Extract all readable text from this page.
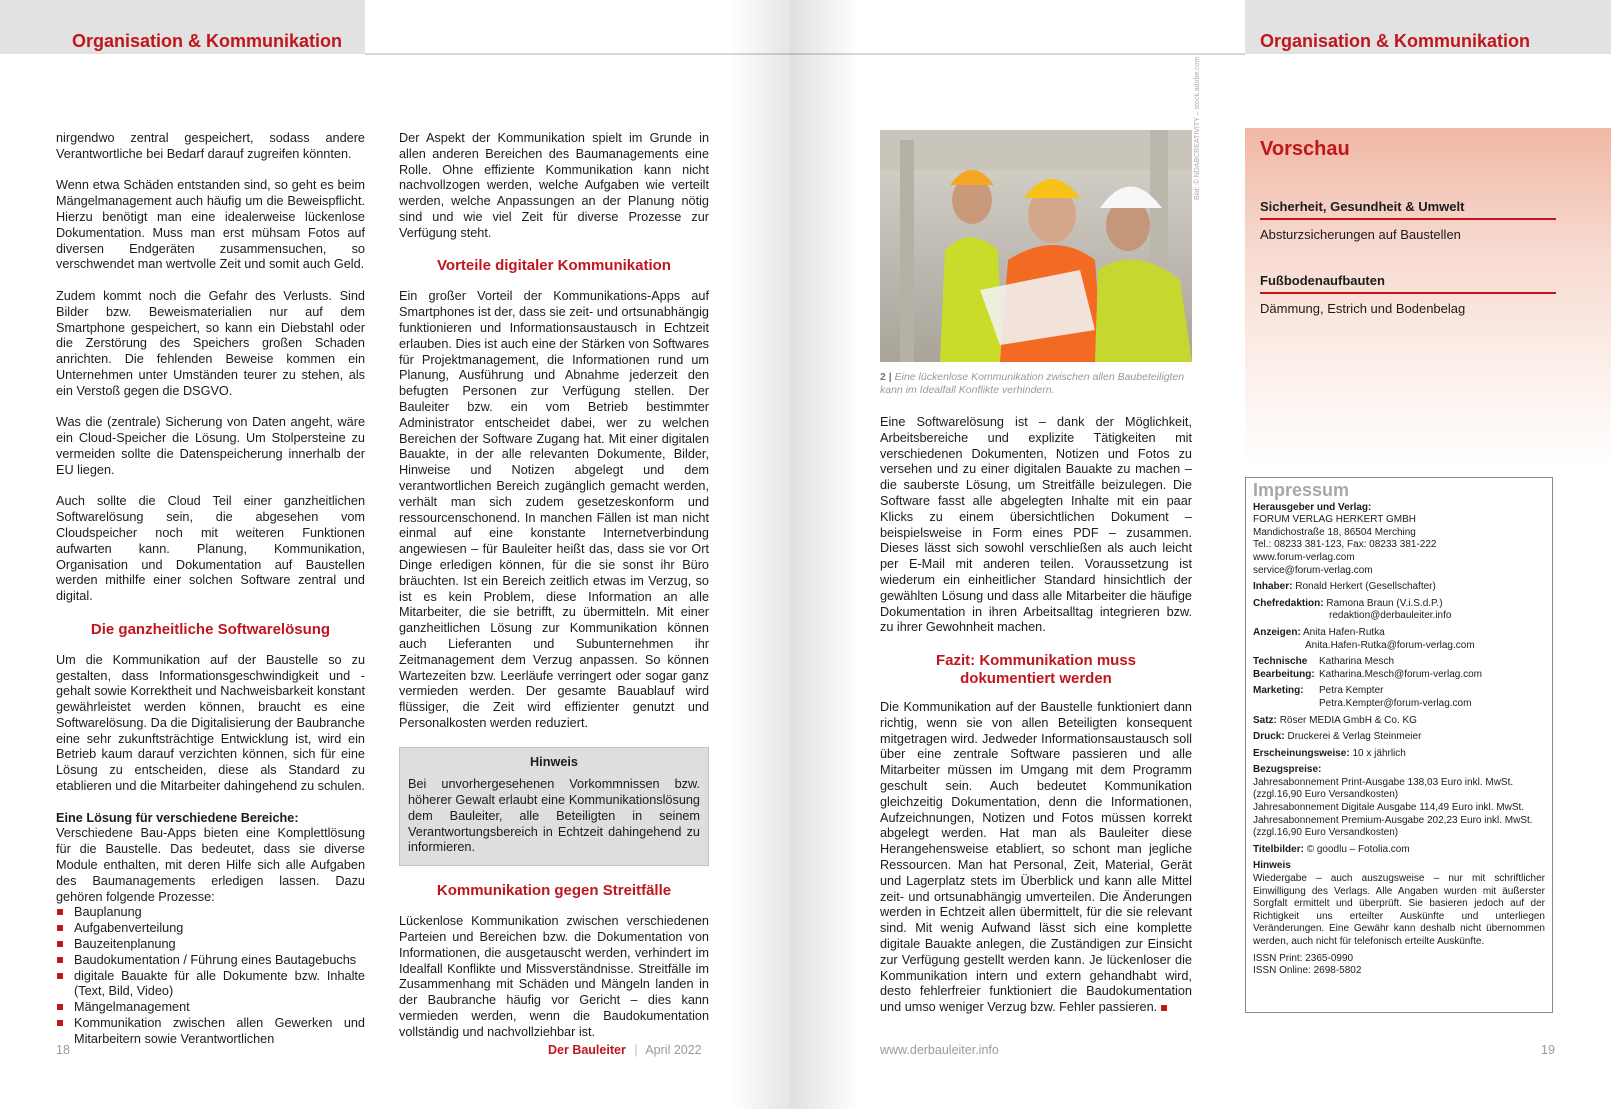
Organisation & Kommunikation

nirgendwo zentral gespeichert, sodass andere Verantwortliche bei Bedarf darauf zugreifen könnten.

Wenn etwa Schäden entstanden sind, so geht es beim Mängelmanagement auch häufig um die Beweispflicht. Hierzu benötigt man eine idealerweise lückenlose Dokumentation. Muss man erst mühsam Fotos auf diversen Endgeräten zusammensuchen, so verschwendet man wertvolle Zeit und somit auch Geld.

Zudem kommt noch die Gefahr des Verlusts. Sind Bilder bzw. Beweismaterialien nur auf dem Smartphone gespeichert, so kann ein Diebstahl oder die Zerstörung des Speichers großen Schaden anrichten. Die fehlenden Beweise kommen ein Unternehmen unter Umständen teurer zu stehen, als ein Verstoß gegen die DSGVO.

Was die (zentrale) Sicherung von Daten angeht, wäre ein Cloud-Speicher die Lösung. Um Stolpersteine zu vermeiden sollte die Datenspeicherung innerhalb der EU liegen.

Auch sollte die Cloud Teil einer ganzheitlichen Softwarelösung sein, die abgesehen vom Cloudspeicher noch mit weiteren Funktionen aufwarten kann. Planung, Kommunikation, Organisation und Dokumentation auf Baustellen werden mithilfe einer solchen Software zentral und digital.

Die ganzheitliche Softwarelösung

Um die Kommunikation auf der Baustelle so zu gestalten, dass Informationsgeschwindigkeit und -gehalt sowie Korrektheit und Nachweisbarkeit konstant gewährleistet werden können, braucht es eine Softwarelösung. Da die Digitalisierung der Baubranche eine sehr zukunftsträchtige Entwicklung ist, wird ein Betrieb kaum darauf verzichten können, sich für eine Lösung zu entscheiden, diese als Standard zu etablieren und die Mitarbeiter dahingehend zu schulen.

Eine Lösung für verschiedene Bereiche:
Verschiedene Bau-Apps bieten eine Komplettlösung für die Baustelle. Das bedeutet, dass sie diverse Module enthalten, mit deren Hilfe sich alle Aufgaben des Baumanagements erledigen lassen. Dazu gehören folgende Prozesse:
Bauplanung
Aufgabenverteilung
Bauzeitenplanung
Baudokumentation / Führung eines Bautagebuchs
digitale Bauakte für alle Dokumente bzw. Inhalte (Text, Bild, Video)
Mängelmanagement
Kommunikation zwischen allen Gewerken und Mitarbeitern sowie Verantwortlichen

Der Aspekt der Kommunikation spielt im Grunde in allen anderen Bereichen des Baumanagements eine Rolle. Ohne effiziente Kommunikation kann nicht nachvollzogen werden, welche Aufgaben wie verteilt werden, welche Anpassungen an der Planung nötig sind und wie viel Zeit für diverse Prozesse zur Verfügung steht.

Vorteile digitaler Kommunikation

Ein großer Vorteil der Kommunikations-Apps auf Smartphones ist der, dass sie zeit- und ortsunabhängig funktionieren und Informationsaustausch in Echtzeit erlauben. Dies ist auch eine der Stärken von Softwares für Projektmanagement, die Informationen rund um Planung, Ausführung und Abnahme jederzeit den befugten Personen zur Verfügung stellen. Der Bauleiter bzw. ein vom Betrieb bestimmter Administrator entscheidet dabei, wer zu welchen Bereichen der Software Zugang hat. Mit einer digitalen Bauakte, in der alle relevanten Dokumente, Bilder, Hinweise und Notizen abgelegt und dem verantwortlichen Bereich zugänglich gemacht werden, verhält man sich zudem gesetzeskonform und ressourcenschonend. In manchen Fällen ist man nicht einmal auf eine konstante Internetverbindung angewiesen – für Bauleiter heißt das, dass sie vor Ort Dinge erledigen können, für die sie sonst ihr Büro bräuchten. Ist ein Bereich zeitlich etwas im Verzug, so ist es kein Problem, diese Information an alle Mitarbeiter, die sie betrifft, zu übermitteln. Mit einer ganzheitlichen Lösung zur Kommunikation können auch Lieferanten und Subunternehmen ihr Zeitmanagement dem Verzug anpassen. So können Wartezeiten bzw. Leerläufe verringert oder sogar ganz vermieden werden. Der gesamte Bauablauf wird flüssiger, die Zeit wird effizienter genutzt und Personalkosten werden reduziert.

Hinweis
Bei unvorhergesehenen Vorkommnissen bzw. höherer Gewalt erlaubt eine Kommunikationslösung dem Bauleiter, alle Beteiligten in seinem Verantwortungsbereich in Echtzeit dahingehend zu informieren.
Kommunikation gegen Streitfälle

Lückenlose Kommunikation zwischen verschiedenen Parteien und Bereichen bzw. die Dokumentation von Informationen, die ausgetauscht werden, verhindert im Idealfall Konflikte und Missverständnisse. Streitfälle im Zusammenhang mit Schäden und Mängeln landen in der Baubranche häufig vor Gericht – dies kann vermieden werden, wenn die Baudokumentation vollständig und nachvollziehbar ist.

18	Der Bauleiter | April 2022
Organisation & Kommunikation
Bild: © NDABCREATIVITY – stock.adobe.com
2 | Eine lückenlose Kommunikation zwischen allen Baubeteiligten kann im Idealfall Konflikte verhindern.

Eine Softwarelösung ist – dank der Möglichkeit, Arbeitsbereiche und explizite Tätigkeiten mit verschiedenen Dokumenten, Notizen und Fotos zu versehen und zu einer digitalen Bauakte zu machen – die sauberste Lösung, um Streitfälle beizulegen. Die Software fasst alle abgelegten Inhalte mit ein paar Klicks zu einem übersichtlichen Dokument – beispielsweise in Form eines PDF – zusammen. Dieses lässt sich sowohl verschließen als auch leicht per E-Mail mit anderen teilen. Voraussetzung ist wiederum ein einheitlicher Standard hinsichtlich der gewählten Lösung und dass alle Mitarbeiter die häufige Dokumentation in ihren Arbeitsalltag integrieren bzw. zu ihrer Gewohnheit machen.

Fazit: Kommunikation muss
dokumentiert werden

Die Kommunikation auf der Baustelle funktioniert dann richtig, wenn sie von allen Beteiligten konsequent mitgetragen wird. Jedweder Informationsaustausch soll über eine zentrale Software passieren und alle Mitarbeiter müssen im Umgang mit dem Programm geschult sein. Auch bedeutet Kommunikation gleichzeitig Dokumentation, denn die Informationen, Aufzeichnungen, Notizen und Fotos müssen korrekt abgelegt werden. Hat man als Bauleiter diese Herangehensweise etabliert, so schont man jegliche Ressourcen. Man hat Personal, Zeit, Material, Gerät und Lagerplatz stets im Überblick und kann alle Mittel zeit- und ortsunabhängig umverteilen. Die Änderungen werden in Echtzeit allen übermittelt, für die sie relevant sind. Mit wenig Aufwand lässt sich eine komplette digitale Bauakte anlegen, die Zuständigen zur Einsicht zur Verfügung gestellt werden kann. Je lückenloser die Kommunikation intern und extern gehandhabt wird, desto fehlerfreier funktioniert die Baudokumentation und umso weniger Verzug bzw. Fehler passieren.

Vorschau
Sicherheit, Gesundheit & Umwelt
Absturzsicherungen auf Baustellen
Fußbodenaufbauten
Dämmung, Estrich und Bodenbelag
Impressum
Herausgeber und Verlag:
FORUM VERLAG HERKERT GMBH
Mandichostraße 18, 86504 Merching
Tel.: 08233 381-123, Fax: 08233 381-222
www.forum-verlag.com
service@forum-verlag.com
Inhaber: Ronald Herkert (Gesellschafter)
Chefredaktion: Ramona Braun (V.i.S.d.P.)
redaktion@derbauleiter.info
Anzeigen: Anita Hafen-Rutka
Anita.Hafen-Rutka@forum-verlag.com
Technische	Katharina Mesch
Bearbeitung: Katharina.Mesch@forum-verlag.com
Marketing:	Petra Kempter
Petra.Kempter@forum-verlag.com
Satz: Röser MEDIA GmbH & Co. KG
Druck: Druckerei & Verlag Steinmeier
Erscheinungsweise: 10 x jährlich
Bezugspreise:
Jahresabonnement Print-Ausgabe 138,03 Euro inkl. MwSt.
(zzgl.16,90 Euro Versandkosten)
Jahresabonnement Digitale Ausgabe 114,49 Euro inkl. MwSt.
Jahresabonnement Premium-Ausgabe 202,23 Euro inkl. MwSt.
(zzgl.16,90 Euro Versandkosten)
Titelbilder: © goodlu – Fotolia.com
Hinweis
Wiedergabe – auch auszugsweise – nur mit schriftlicher Einwilligung des Verlags. Alle Angaben wurden mit äußerster Sorgfalt ermittelt und überprüft. Sie basieren jedoch auf der Richtigkeit uns erteilter Auskünfte und unterliegen Veränderungen. Eine Gewähr kann deshalb nicht übernommen werden, auch nicht für telefonisch erteilte Auskünfte.
ISSN Print: 2365-0990
ISSN Online: 2698-5802
www.derbauleiter.info	19
